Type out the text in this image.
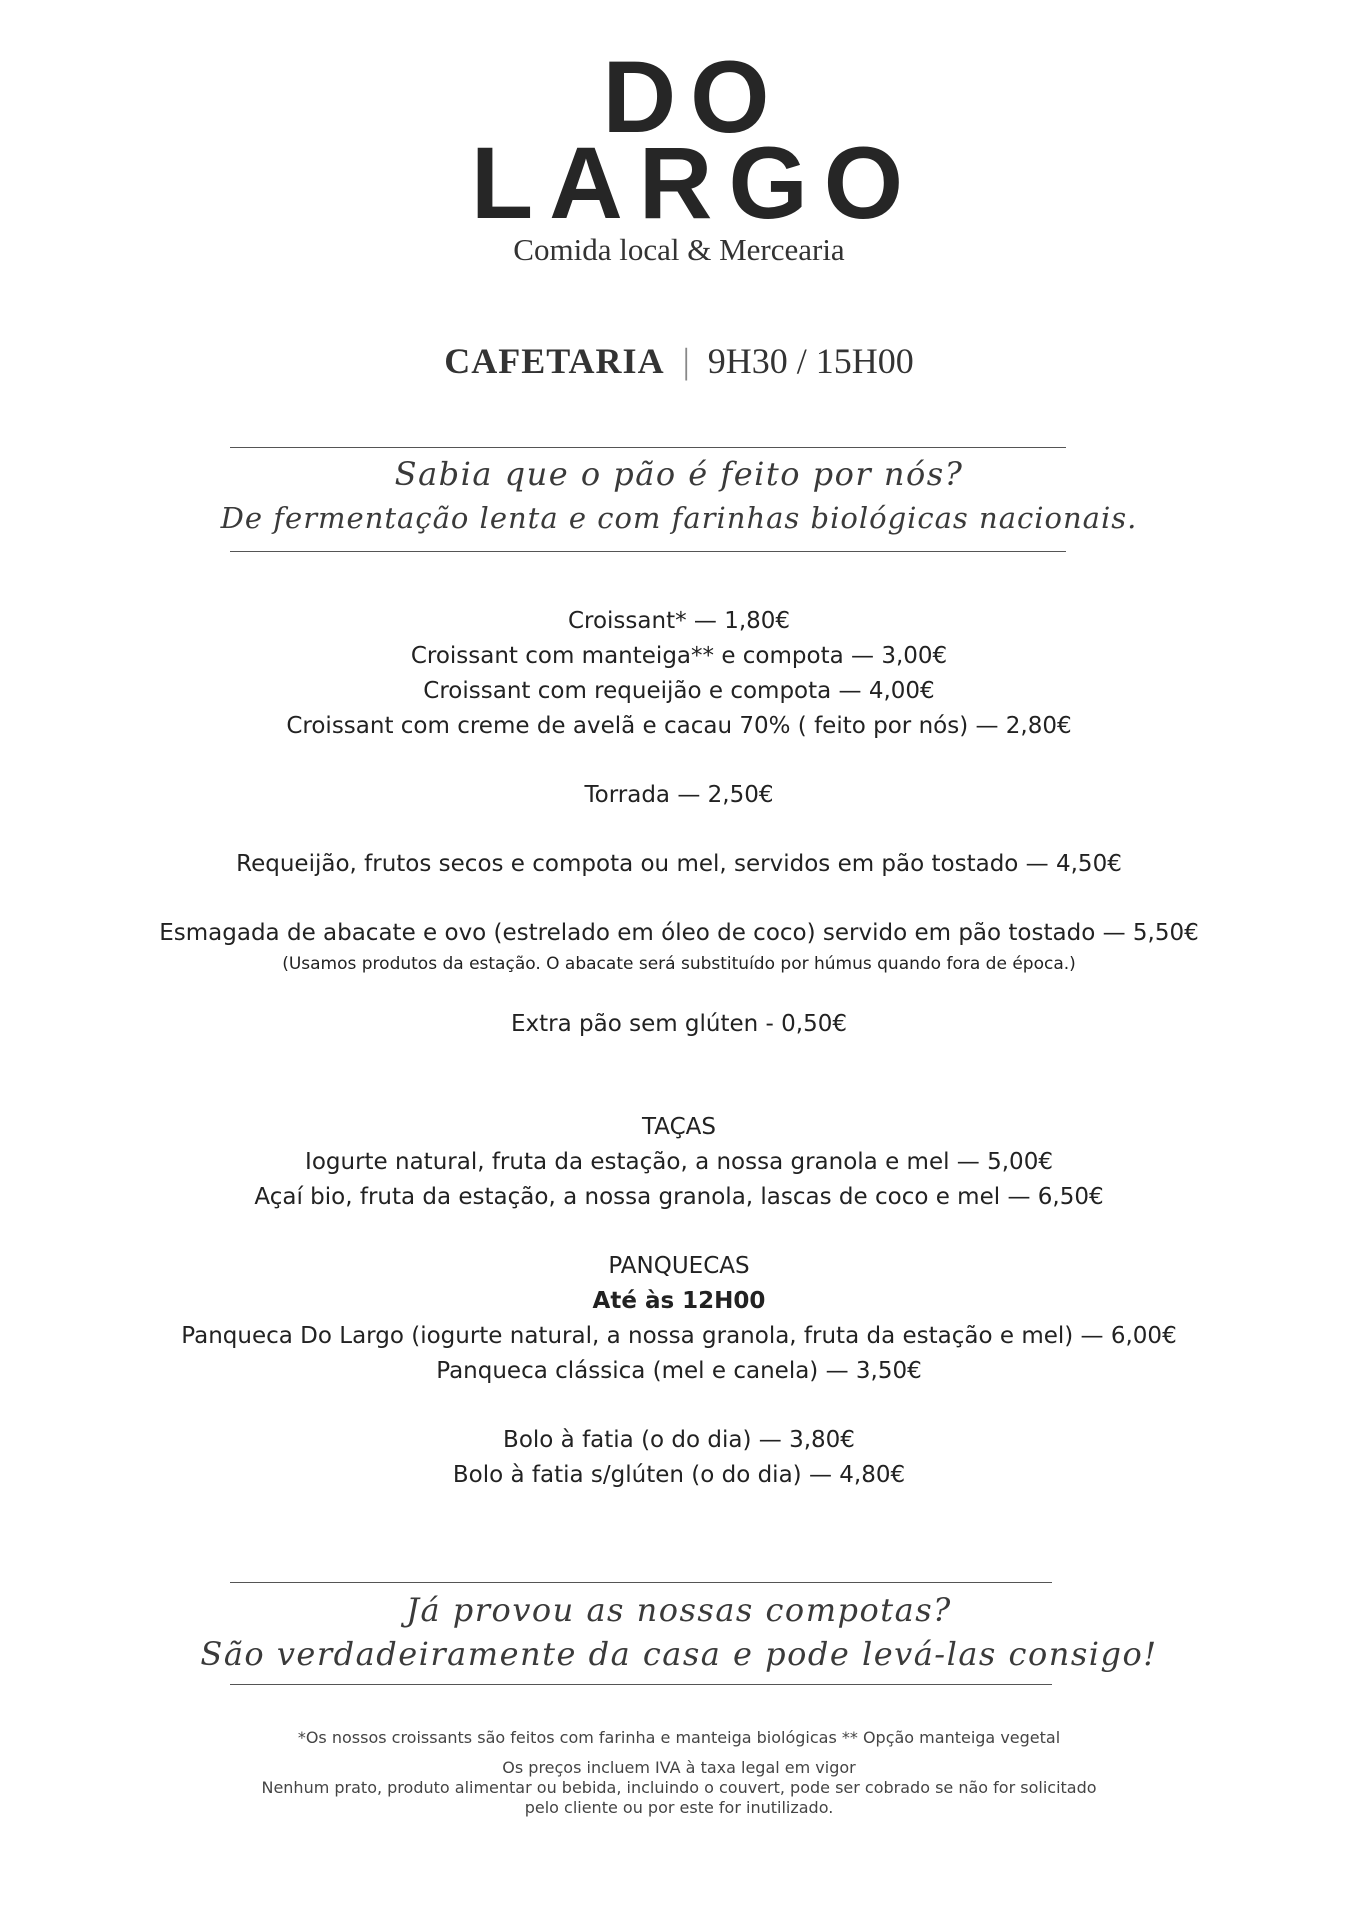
DO
LARGO
Comida local & Mercearia
CAFETARIA | 9H30 / 15H00
Sabia que o pão é feito por nós?
De fermentação lenta e com farinhas biológicas nacionais.
Croissant* — 1,80€
Croissant com manteiga** e compota — 3,00€
Croissant com requeijão e compota — 4,00€
Croissant com creme de avelã e cacau 70% ( feito por nós) — 2,80€
Torrada — 2,50€
Requeijão, frutos secos e compota ou mel, servidos em pão tostado — 4,50€
Esmagada de abacate e ovo (estrelado em óleo de coco) servido em pão tostado — 5,50€
(Usamos produtos da estação. O abacate será substituído por húmus quando fora de época.)
Extra pão sem glúten - 0,50€
TAÇAS
Iogurte natural, fruta da estação, a nossa granola e mel — 5,00€
Açaí bio, fruta da estação, a nossa granola, lascas de coco e mel — 6,50€
PANQUECAS
Até às 12H00
Panqueca Do Largo (iogurte natural, a nossa granola, fruta da estação e mel) — 6,00€
Panqueca clássica (mel e canela) — 3,50€
Bolo à fatia (o do dia) — 3,80€
Bolo à fatia s/glúten (o do dia) — 4,80€
Já provou as nossas compotas?
São verdadeiramente da casa e pode levá-las consigo!
*Os nossos croissants são feitos com farinha e manteiga biológicas ** Opção manteiga vegetal
Os preços incluem IVA à taxa legal em vigor
Nenhum prato, produto alimentar ou bebida, incluindo o couvert, pode ser cobrado se não for solicitado
pelo cliente ou por este for inutilizado.
